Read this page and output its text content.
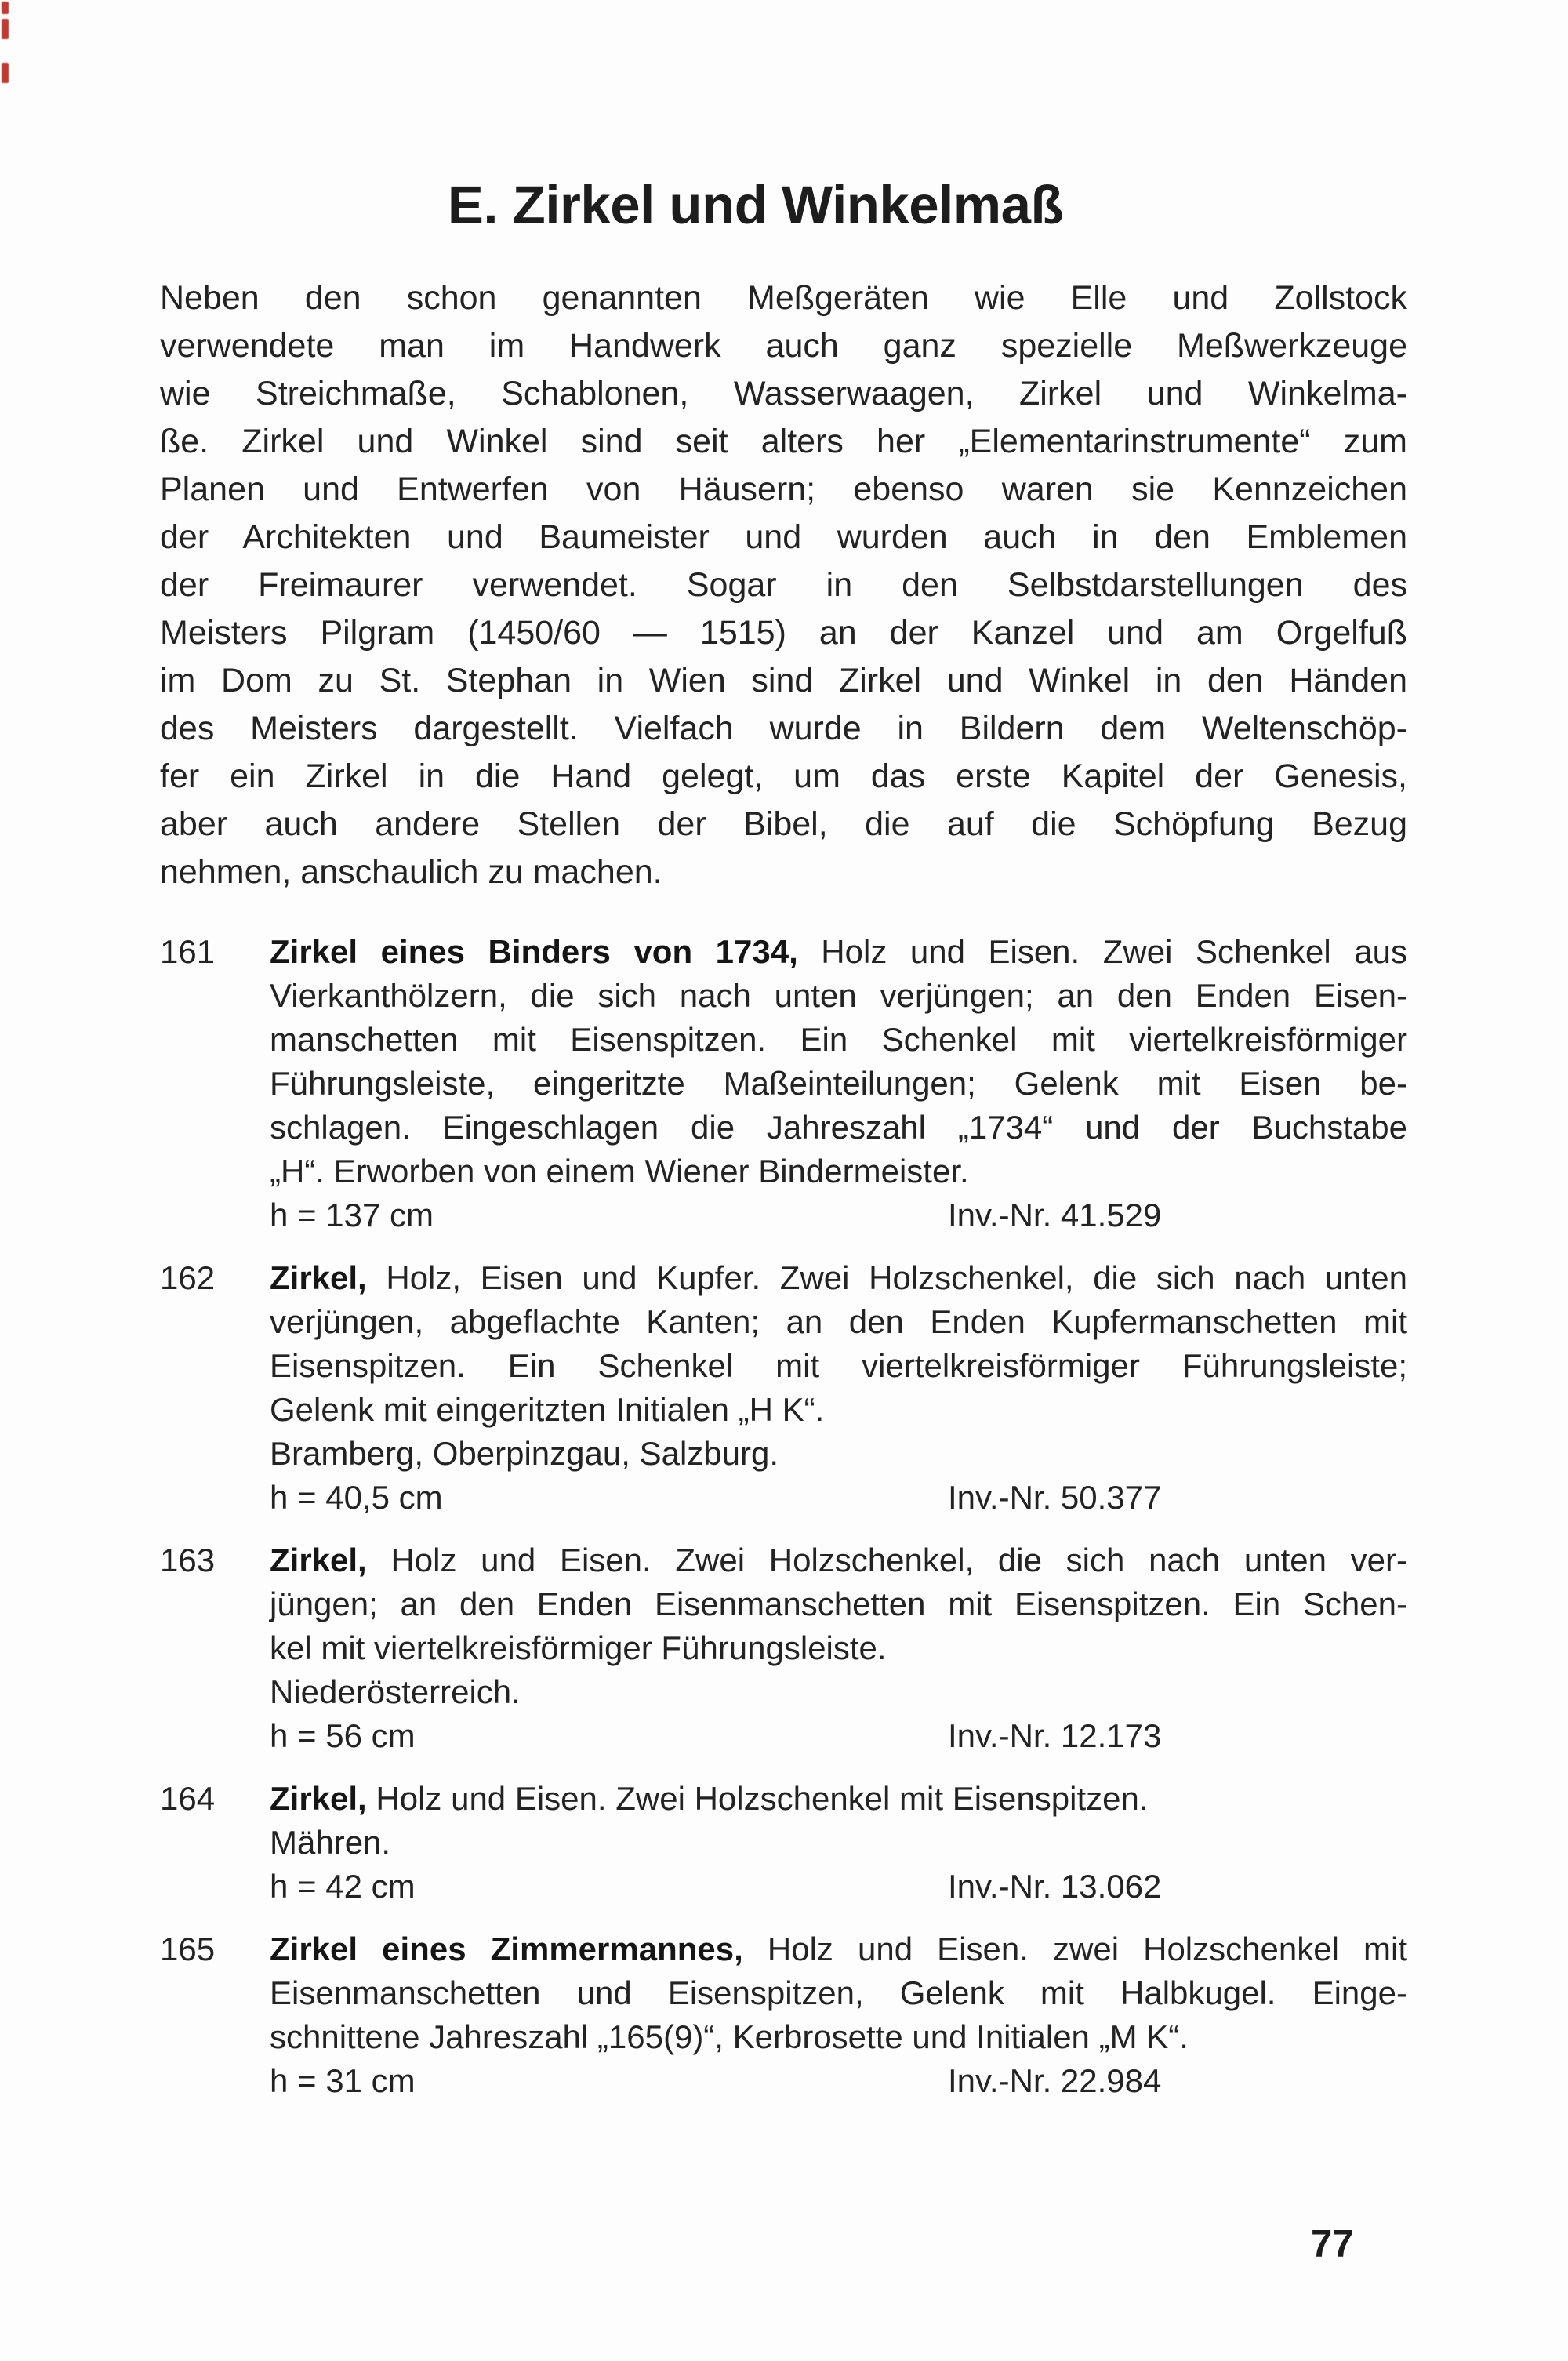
E. Zirkel und Winkelmaß
Neben den schon genannten Meßgeräten wie Elle und Zollstock
verwendete man im Handwerk auch ganz spezielle Meßwerkzeuge
wie Streichmaße, Schablonen, Wasserwaagen, Zirkel und Winkelma-
ße. Zirkel und Winkel sind seit alters her „Elementarinstrumente“ zum
Planen und Entwerfen von Häusern; ebenso waren sie Kennzeichen
der Architekten und Baumeister und wurden auch in den Emblemen
der Freimaurer verwendet. Sogar in den Selbstdarstellungen des
Meisters Pilgram (1450/60 — 1515) an der Kanzel und am Orgelfuß
im Dom zu St. Stephan in Wien sind Zirkel und Winkel in den Händen
des Meisters dargestellt. Vielfach wurde in Bildern dem Weltenschöp-
fer ein Zirkel in die Hand gelegt, um das erste Kapitel der Genesis,
aber auch andere Stellen der Bibel, die auf die Schöpfung Bezug
nehmen, anschaulich zu machen.
161	Zirkel eines Binders von 1734, Holz und Eisen. Zwei Schenkel aus
Vierkanthölzern, die sich nach unten verjüngen; an den Enden Eisen-
manschetten mit Eisenspitzen. Ein Schenkel mit viertelkreisförmiger
Führungsleiste, eingeritzte Maßeinteilungen; Gelenk mit Eisen be-
schlagen. Eingeschlagen die Jahreszahl „1734“ und der Buchstabe
„H“. Erworben von einem Wiener Bindermeister.
h = 137 cm	Inv.-Nr. 41.529
162	Zirkel, Holz, Eisen und Kupfer. Zwei Holzschenkel, die sich nach unten
verjüngen, abgeflachte Kanten; an den Enden Kupfermanschetten mit
Eisenspitzen. Ein Schenkel mit viertelkreisförmiger Führungsleiste;
Gelenk mit eingeritzten Initialen „H K“.
Bramberg, Oberpinzgau, Salzburg.
h = 40,5 cm	Inv.-Nr. 50.377
163	Zirkel, Holz und Eisen. Zwei Holzschenkel, die sich nach unten ver-
jüngen; an den Enden Eisenmanschetten mit Eisenspitzen. Ein Schen-
kel mit viertelkreisförmiger Führungsleiste.
Niederösterreich.
h = 56 cm	Inv.-Nr. 12.173
164	Zirkel, Holz und Eisen. Zwei Holzschenkel mit Eisenspitzen.
Mähren.
h = 42 cm	Inv.-Nr. 13.062
165	Zirkel eines Zimmermannes, Holz und Eisen. zwei Holzschenkel mit
Eisenmanschetten und Eisenspitzen, Gelenk mit Halbkugel. Einge-
schnittene Jahreszahl „165(9)“, Kerbrosette und Initialen „M K“.
h = 31 cm	Inv.-Nr. 22.984
77
